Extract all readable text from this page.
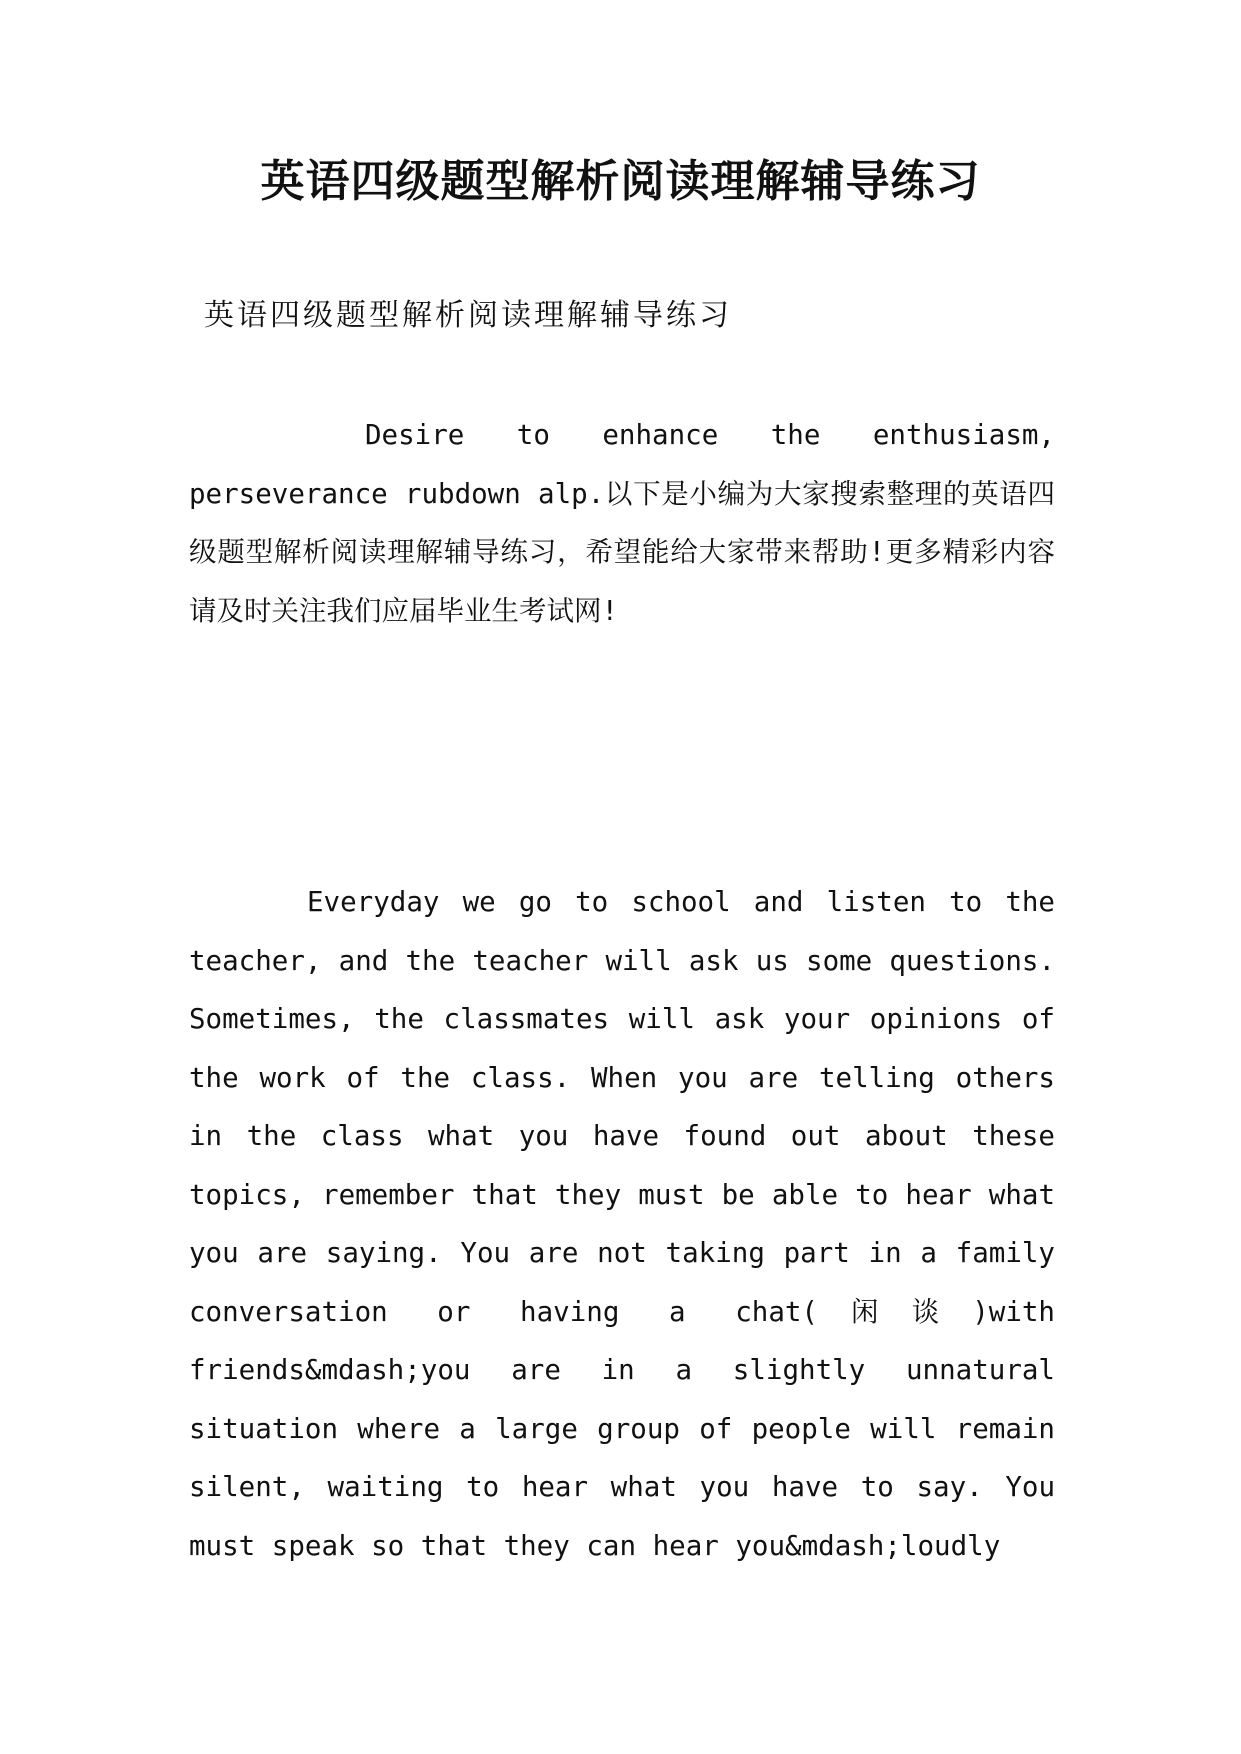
英语四级题型解析阅读理解辅导练习

英语四级题型解析阅读理解辅导练习

Desire to enhance the enthusiasm, perseverance rubdown alp.以下是小编为大家搜索整理的英语四级题型解析阅读理解辅导练习，希望能给大家带来帮助!更多精彩内容请及时关注我们应届毕业生考试网!

Everyday we go to school and listen to the teacher, and the teacher will ask us some questions. Sometimes, the classmates will ask your opinions of the work of the class. When you are telling others in the class what you have found out about these topics, remember that they must be able to hear what you are saying. You are not taking part in a family conversation or having a chat(闲谈)with friends&mdash;you are in a slightly unnatural situation where a large group of people will remain silent, waiting to hear what you have to say. You must speak so that they can hear you&mdash;loudly
